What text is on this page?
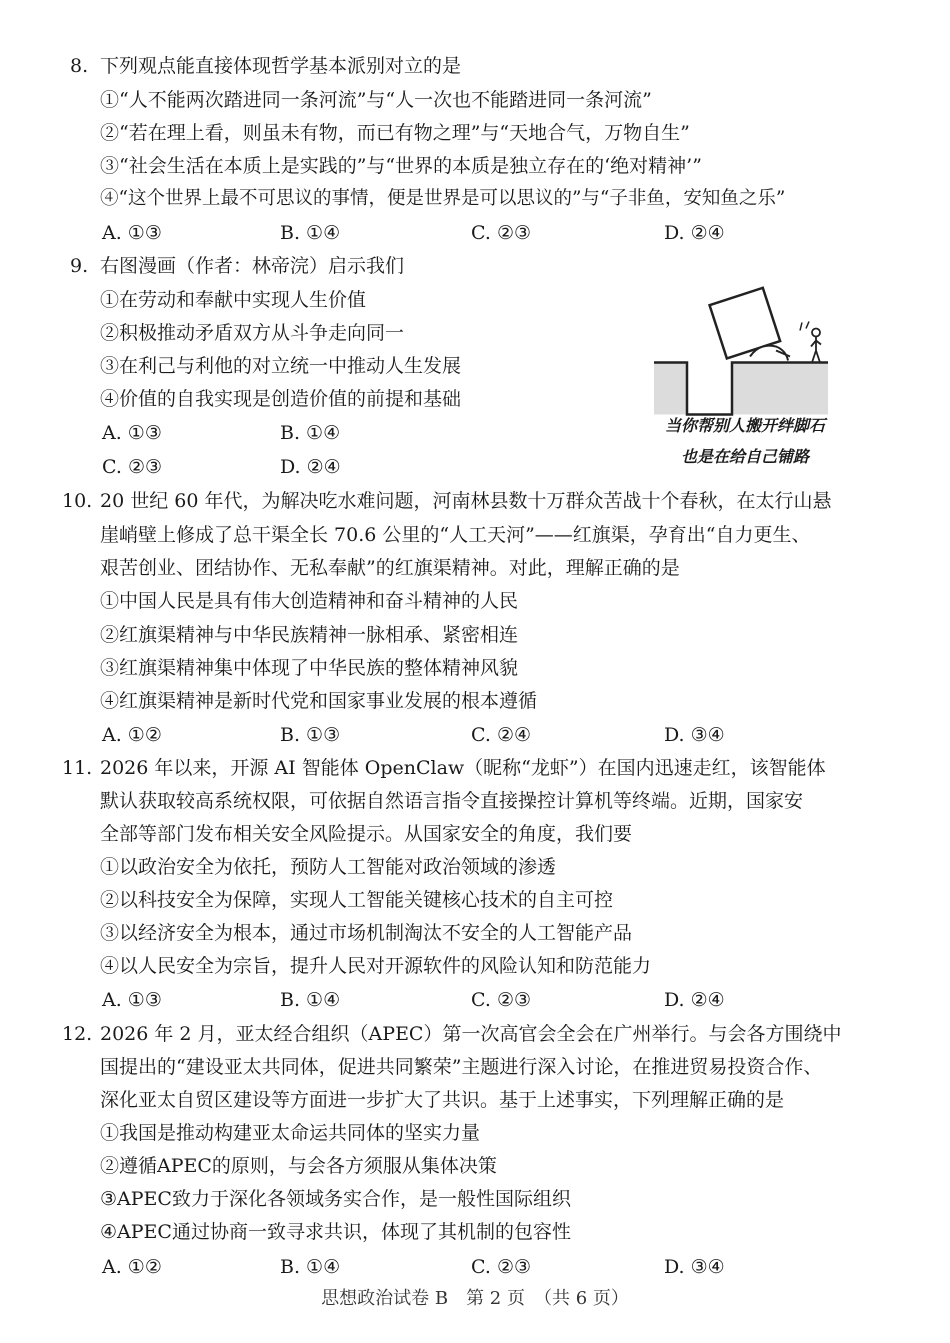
8. 下列观点能直接体现哲学基本派别对立的是
①“人不能两次踏进同一条河流”与“人一次也不能踏进同一条河流”
②“若在理上看，则虽未有物，而已有物之理”与“天地合气，万物自生”
③“社会生活在本质上是实践的”与“世界的本质是独立存在的‘绝对精神’”
④“这个世界上最不可思议的事情，便是世界是可以思议的”与“子非鱼，安知鱼之乐”
A. ①③	B. ①④	C. ②③	D. ②④
9. 右图漫画（作者：林帝浣）启示我们
①在劳动和奉献中实现人生价值
②积极推动矛盾双方从斗争走向同一
③在利己与利他的对立统一中推动人生发展
④价值的自我实现是创造价值的前提和基础
A. ①③	B. ①④
C. ②③	D. ②④
当你帮别人搬开绊脚石
也是在给自己铺路
10. 20 世纪 60 年代，为解决吃水难问题，河南林县数十万群众苦战十个春秋，在太行山悬
崖峭壁上修成了总干渠全长 70.6 公里的“人工天河”——红旗渠，孕育出“自力更生、
艰苦创业、团结协作、无私奉献”的红旗渠精神。对此，理解正确的是
①中国人民是具有伟大创造精神和奋斗精神的人民
②红旗渠精神与中华民族精神一脉相承、紧密相连
③红旗渠精神集中体现了中华民族的整体精神风貌
④红旗渠精神是新时代党和国家事业发展的根本遵循
A. ①②	B. ①③	C. ②④	D. ③④
11. 2026 年以来，开源 AI 智能体 OpenClaw（昵称“龙虾”）在国内迅速走红，该智能体
默认获取较高系统权限，可依据自然语言指令直接操控计算机等终端。近期，国家安
全部等部门发布相关安全风险提示。从国家安全的角度，我们要
①以政治安全为依托，预防人工智能对政治领域的渗透
②以科技安全为保障，实现人工智能关键核心技术的自主可控
③以经济安全为根本，通过市场机制淘汰不安全的人工智能产品
④以人民安全为宗旨，提升人民对开源软件的风险认知和防范能力
A. ①③	B. ①④	C. ②③	D. ②④
12. 2026 年 2 月，亚太经合组织（APEC）第一次高官会全会在广州举行。与会各方围绕中
国提出的“建设亚太共同体，促进共同繁荣”主题进行深入讨论，在推进贸易投资合作、
深化亚太自贸区建设等方面进一步扩大了共识。基于上述事实，下列理解正确的是
①我国是推动构建亚太命运共同体的坚实力量
②遵循APEC的原则，与会各方须服从集体决策
③APEC致力于深化各领域务实合作，是一般性国际组织
④APEC通过协商一致寻求共识，体现了其机制的包容性
A. ①②	B. ①④	C. ②③	D. ③④
思想政治试卷 B　第 2 页　（共 6 页）
